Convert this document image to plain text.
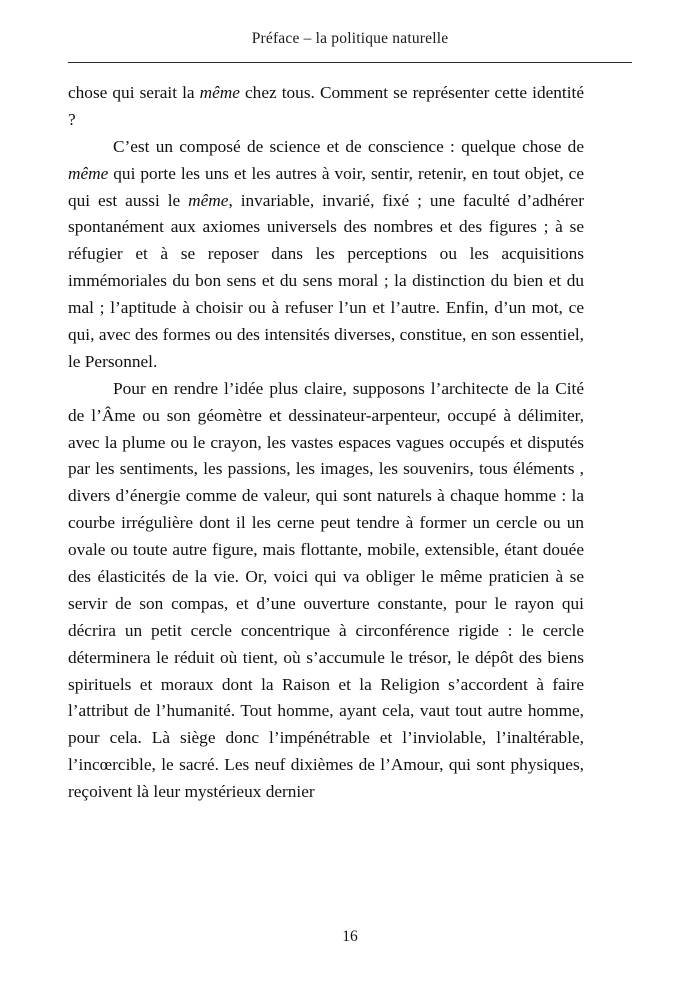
Préface – la politique naturelle

chose qui serait la même chez tous. Comment se représenter cette identité ?

C’est un composé de science et de conscience : quelque chose de même qui porte les uns et les autres à voir, sentir, retenir, en tout objet, ce qui est aussi le même, invariable, invarié, fixé ; une faculté d’adhérer spontanément aux axiomes universels des nombres et des figures ; à se réfugier et à se reposer dans les perceptions ou les acquisitions immémoriales du bon sens et du sens moral ; la distinction du bien et du mal ; l’aptitude à choisir ou à refuser l’un et l’autre. Enfin, d’un mot, ce qui, avec des formes ou des intensités diverses, constitue, en son essentiel, le Personnel.

Pour en rendre l’idée plus claire, supposons l’architecte de la Cité de l’Âme ou son géomètre et dessinateur-arpenteur, occupé à délimiter, avec la plume ou le crayon, les vastes espaces vagues occupés et disputés par les sentiments, les passions, les images, les souvenirs, tous éléments , divers d’énergie comme de valeur, qui sont naturels à chaque homme : la courbe irrégulière dont il les cerne peut tendre à former un cercle ou un ovale ou toute autre figure, mais flottante, mobile, extensible, étant douée des élasticités de la vie. Or, voici qui va obliger le même praticien à se servir de son compas, et d’une ouverture constante, pour le rayon qui décrira un petit cercle concentrique à circonférence rigide : le cercle déterminera le réduit où tient, où s’accumule le trésor, le dépôt des biens spirituels et moraux dont la Raison et la Religion s’accordent à faire l’attribut de l’humanité. Tout homme, ayant cela, vaut tout autre homme, pour cela. Là siège donc l’impénétrable et l’inviolable, l’inaltérable, l’incœrcible, le sacré. Les neuf dixièmes de l’Amour, qui sont physiques, reçoivent là leur mystérieux dernier

16
